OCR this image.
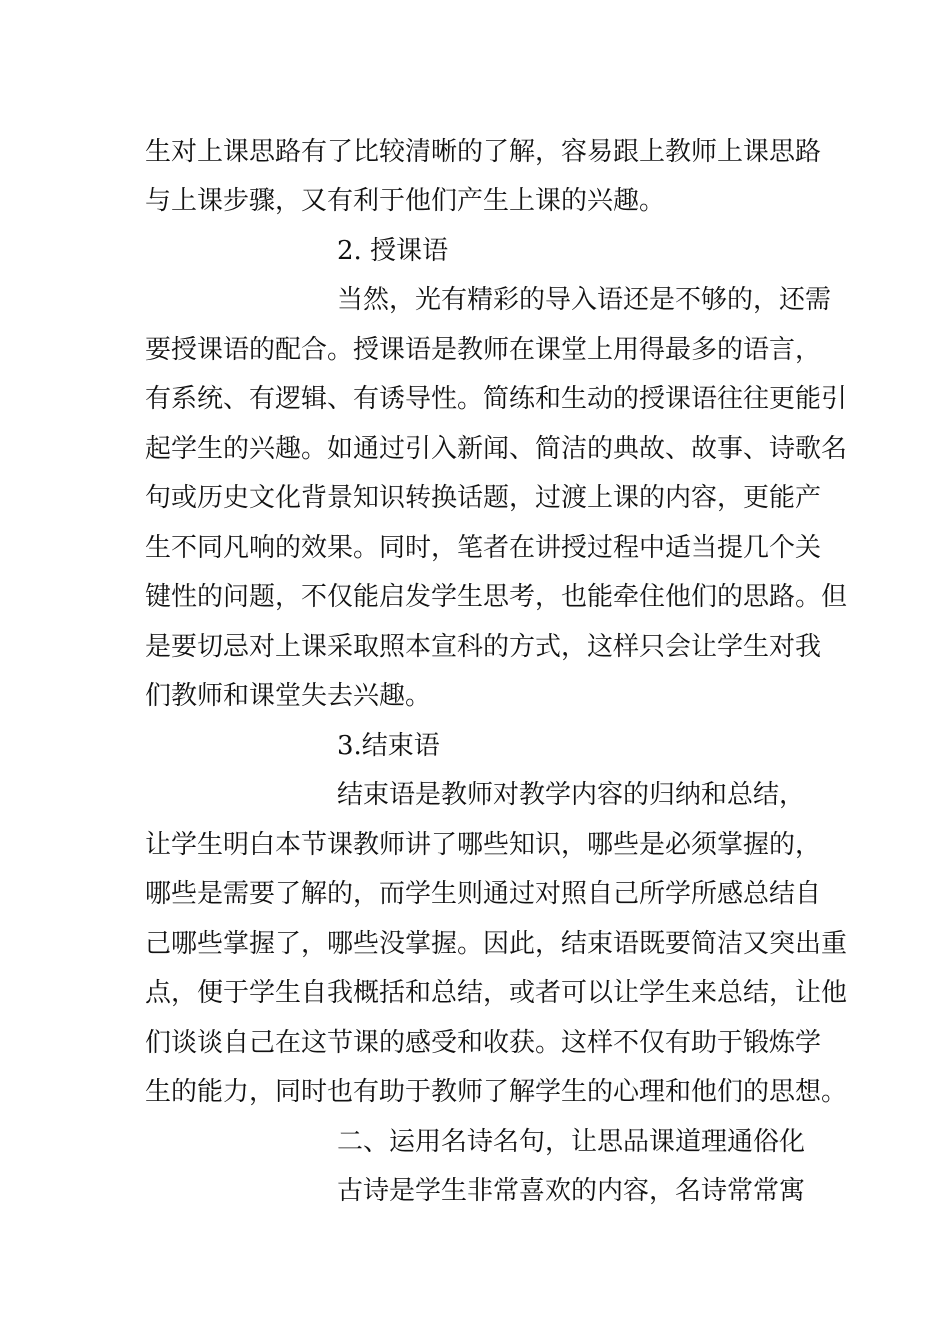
生对上课思路有了比较清晰的了解，容易跟上教师上课思路
与上课步骤，又有利于他们产生上课的兴趣。
2. 授课语
当然，光有精彩的导入语还是不够的，还需
要授课语的配合。授课语是教师在课堂上用得最多的语言，
有系统、有逻辑、有诱导性。简练和生动的授课语往往更能引
起学生的兴趣。如通过引入新闻、简洁的典故、故事、诗歌名
句或历史文化背景知识转换话题，过渡上课的内容，更能产
生不同凡响的效果。同时，笔者在讲授过程中适当提几个关
键性的问题，不仅能启发学生思考，也能牵住他们的思路。但
是要切忌对上课采取照本宣科的方式，这样只会让学生对我
们教师和课堂失去兴趣。
3.结束语
结束语是教师对教学内容的归纳和总结，
让学生明白本节课教师讲了哪些知识，哪些是必须掌握的，
哪些是需要了解的，而学生则通过对照自己所学所感总结自
己哪些掌握了，哪些没掌握。因此，结束语既要简洁又突出重
点，便于学生自我概括和总结，或者可以让学生来总结，让他
们谈谈自己在这节课的感受和收获。这样不仅有助于锻炼学
生的能力，同时也有助于教师了解学生的心理和他们的思想。
二、运用名诗名句，让思品课道理通俗化
古诗是学生非常喜欢的内容，名诗常常寓
